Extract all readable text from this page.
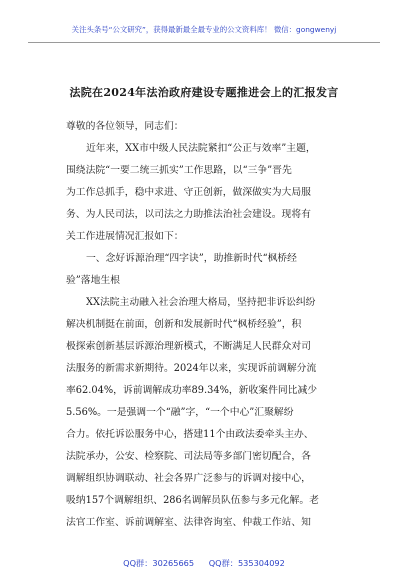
关注头条号“公文研究”，获得最新最全最专业的公文资料库！ 微信：gongwenyj
法院在2024年法治政府建设专题推进会上的汇报发言
尊敬的各位领导，同志们：
近年来，XX市中级人民法院紧扣“公正与效率”主题，
围绕法院“一要二统三抓实”工作思路，以“三争”晋先
为工作总抓手，稳中求进、守正创新，做深做实为大局服
务、为人民司法，以司法之力助推法治社会建设。现将有
关工作进展情况汇报如下：
一、念好诉源治理“四字诀”，助推新时代“枫桥经
验”落地生根
XX法院主动融入社会治理大格局，坚持把非诉讼纠纷
解决机制挺在前面，创新和发展新时代“枫桥经验”，积
极探索创新基层诉源治理新模式，不断满足人民群众对司
法服务的新需求新期待。2024年以来，实现诉前调解分流
率62.04%，诉前调解成功率89.34%，新收案件同比减少
5.56%。一是强调一个“融”字，“一个中心”汇聚解纷
合力。依托诉讼服务中心，搭建11个由政法委牵头主办、
法院承办，公安、检察院、司法局等多部门密切配合，各
调解组织协调联动、社会各界广泛参与的诉调对接中心，
吸纳157个调解组织、286名调解员队伍参与多元化解。老
法官工作室、诉前调解室、法律咨询室、仲裁工作站、知
QQ群：30265665 QQ群：535304092
